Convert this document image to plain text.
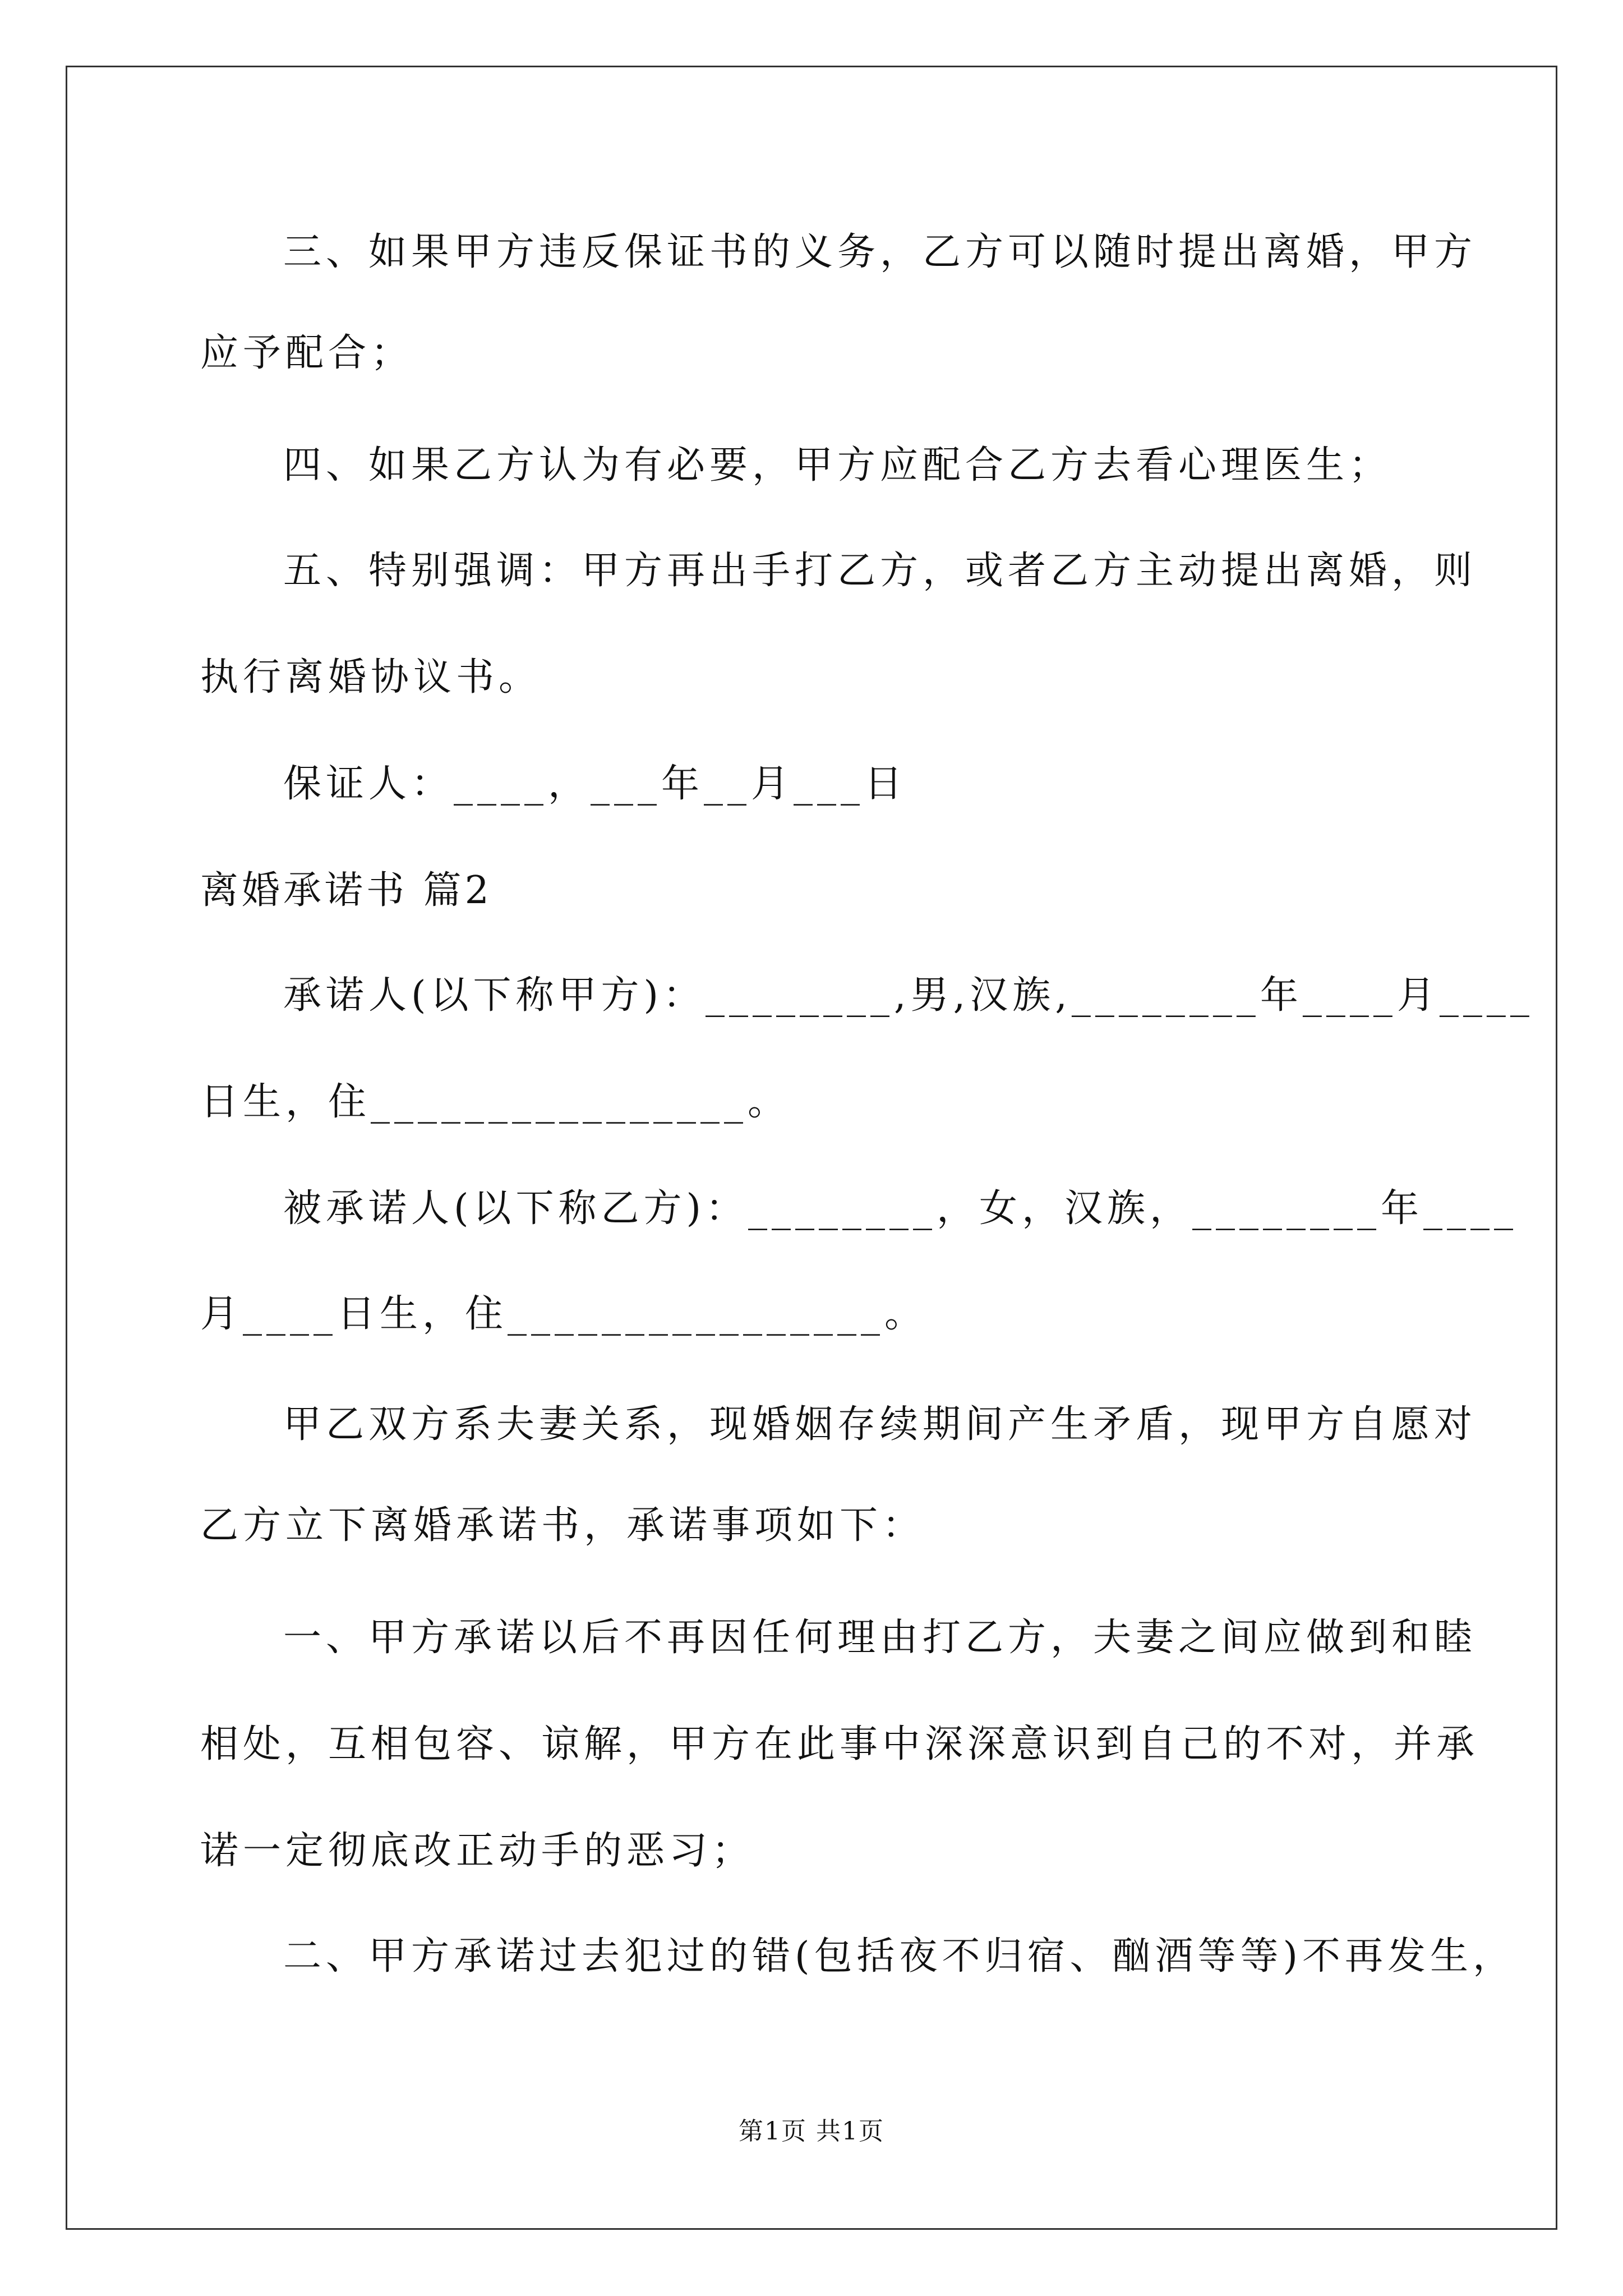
三、如果甲方违反保证书的义务，乙方可以随时提出离婚，甲方
应予配合；
四、如果乙方认为有必要，甲方应配合乙方去看心理医生；
五、特别强调：甲方再出手打乙方，或者乙方主动提出离婚，则
执行离婚协议书。
保证人：____，___年__月___日
离婚承诺书 篇2
承诺人(以下称甲方)：________,男,汉族,________年____月____
日生，住________________。
被承诺人(以下称乙方)：________，女，汉族，________年____
月____日生，住________________。
甲乙双方系夫妻关系，现婚姻存续期间产生矛盾，现甲方自愿对
乙方立下离婚承诺书，承诺事项如下：
一、甲方承诺以后不再因任何理由打乙方，夫妻之间应做到和睦
相处，互相包容、谅解，甲方在此事中深深意识到自己的不对，并承
诺一定彻底改正动手的恶习；
二、甲方承诺过去犯过的错(包括夜不归宿、酗酒等等)不再发生，
第1页 共1页
